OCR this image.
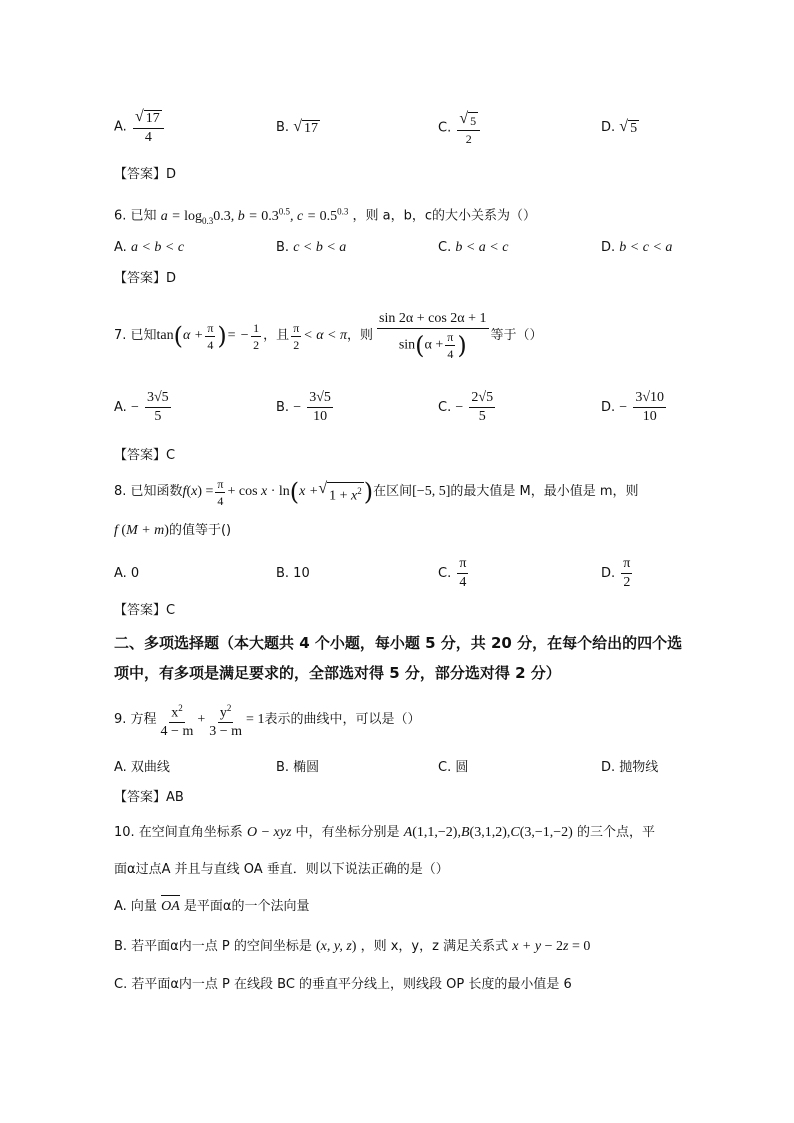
A. $\frac{√ 17}{4}$	B. √ 17	C. $\frac{√ 5}{2}$	D. √ 5
【答案】D
6. 已知 $a = \log_{0.3}0.3$, $b = 0.3^{0.5}$, $c = 0.5^{0.3}$ ，则 a，b，c的大小关系为（）
A. a < b < c	B. c < b < a	C. b < a < c	D. b < c < a
【答案】D
7. 已知 tan ( $\alpha + \frac{\pi}{4}$ ) = − $\frac{1}{2}$ ，且 $\frac{\pi}{2} < \alpha < \pi$ ，则 $\frac{\sin 2\alpha + \cos 2\alpha + 1}{\sin(\alpha + \frac{\pi}{4} )}$ 等于（）
A. − $\frac{3√5}{5}$	B. − $\frac{3√5}{10}$	C. − $\frac{2√5}{5}$	D. − $\frac{3√10}{10}$
【答案】C
8. 已知函数 f ( x ) = $\frac{\pi}{4} + \cos x \cdot \ln$ ( x + √ $1 + x^2$ ) 在区间 [−5, 5] 的最大值是 M，最小值是 m，则
f (M + m)的值等于()
A. 0	B. 10	C. $\frac{\pi}{4}$	D. $\frac{\pi}{2}$
【答案】C
二、多项选择题（本大题共 4 个小题，每小题 5 分，共 20 分，在每个给出的四个选
项中，有多项是满足要求的，全部选对得 5 分，部分选对得 2 分）
9. 方程 $\frac{x^2}{4 - m} + \frac{y^2}{3 - m} = 1$ 表示的曲线中，可以是（）
A. 双曲线	B. 椭圆	C. 圆	D. 抛物线
【答案】AB
10. 在空间直角坐标系 O − xyz 中，有坐标分别是 A(1,1,−2),B(3,1,2),C(3,−1,−2) 的三个点，平
面α过点A 并且与直线 OA 垂直．则以下说法正确的是（）
A. 向量 OA 是平面α的一个法向量
B. 若平面α内一点 P 的空间坐标是 (x, y, z) ，则 x，y，z 满足关系式 x + y − 2z = 0
C. 若平面α内一点 P 在线段 BC 的垂直平分线上，则线段 OP 长度的最小值是 6
